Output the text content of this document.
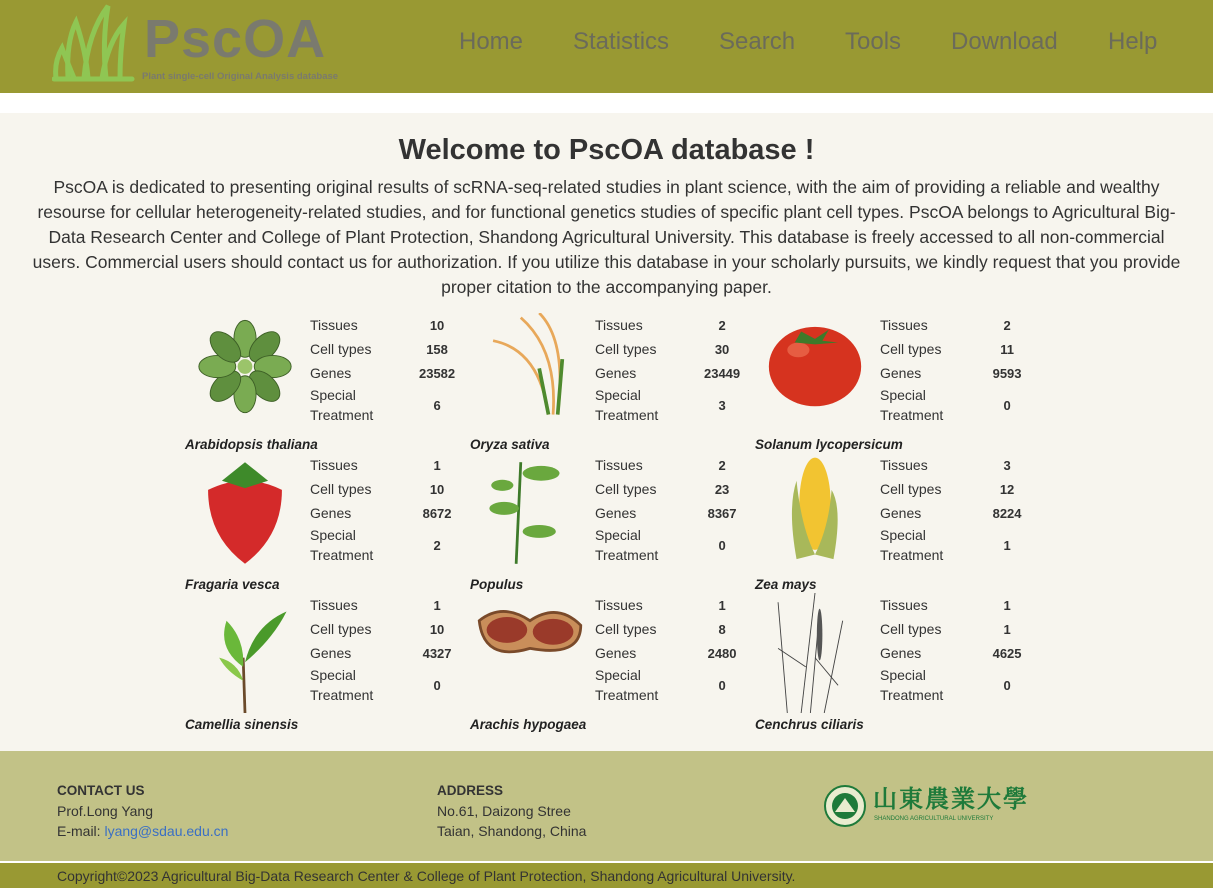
PscOA
Plant single-cell Original Analysis database
Home Statistics Search Tools Download Help
Welcome to PscOA database !

PscOA is dedicated to presenting original results of scRNA-seq-related studies in plant science, with the aim of providing a reliable and wealthy resourse for cellular heterogeneity-related studies, and for functional genetics studies of specific plant cell types. PscOA belongs to Agricultural Big-Data Research Center and College of Plant Protection, Shandong Agricultural University. This database is freely accessed to all non-commercial users. Commercial users should contact us for authorization. If you utilize this database in your scholarly pursuits, we kindly request that you provide proper citation to the accompanying paper.

Tissues	10
Cell types	158
Genes	23582
Special
Treatment
6
Arabidopsis thaliana
Tissues	2
Cell types	30
Genes	23449
Special
Treatment
3
Oryza sativa
Tissues	2
Cell types	11
Genes	9593
Special
Treatment
0
Solanum lycopersicum
Tissues	1
Cell types	10
Genes	8672
Special
Treatment
2
Fragaria vesca
Tissues	2
Cell types	23
Genes	8367
Special
Treatment
0
Populus
Tissues	3
Cell types	12
Genes	8224
Special
Treatment
1
Zea mays
Tissues	1
Cell types	10
Genes	4327
Special
Treatment
0
Camellia sinensis
Tissues	1
Cell types	8
Genes	2480
Special
Treatment
0
Arachis hypogaea
Tissues	1
Cell types	1
Genes	4625
Special
Treatment
0
Cenchrus ciliaris
CONTACT US
Prof.Long Yang
E-mail: lyang@sdau.edu.cn
ADDRESS
No.61, Daizong Stree
Taian, Shandong, China
山東農業大學
SHANDONG AGRICULTURAL UNIVERSITY
Copyright©2023 Agricultural Big-Data Research Center & College of Plant Protection, Shandong Agricultural University.
